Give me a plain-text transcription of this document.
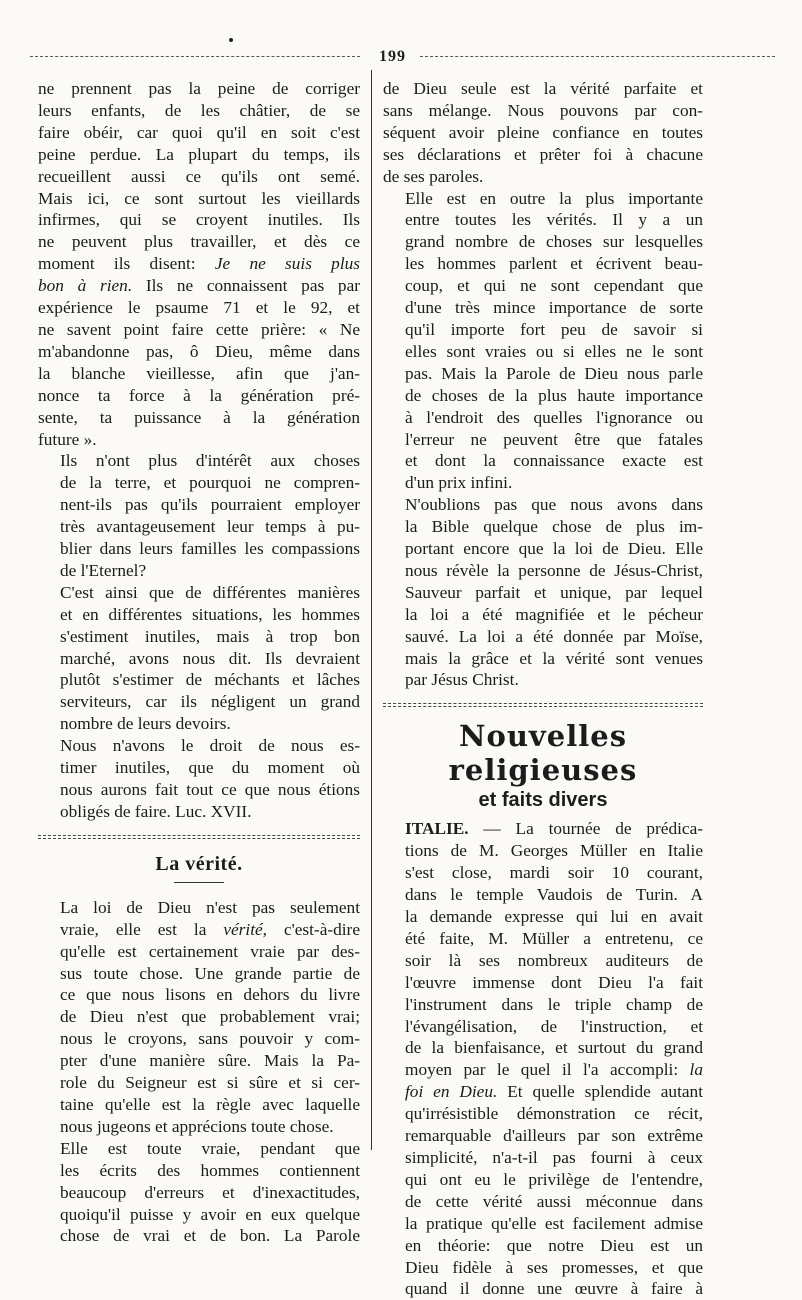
199

ne prennent pas la peine de corriger
leurs enfants, de les châtier, de se
faire obéir, car quoi qu'il en soit c'est
peine perdue. La plupart du temps, ils
recueillent aussi ce qu'ils ont semé.
Mais ici, ce sont surtout les vieillards
infirmes, qui se croyent inutiles. Ils
ne peuvent plus travailler, et dès ce
moment ils disent: Je ne suis plus
bon à rien. Ils ne connaissent pas par
expérience le psaume 71 et le 92, et
ne savent point faire cette prière: « Ne
m'abandonne pas, ô Dieu, même dans
la blanche vieillesse, afin que j'an-
nonce ta force à la génération pré-
sente, ta puissance à la génération
future ».

Ils n'ont plus d'intérêt aux choses
de la terre, et pourquoi ne compren-
nent-ils pas qu'ils pourraient employer
très avantageusement leur temps à pu-
blier dans leurs familles les compassions
de l'Eternel?

C'est ainsi que de différentes manières
et en différentes situations, les hommes
s'estiment inutiles, mais à trop bon
marché, avons nous dit. Ils devraient
plutôt s'estimer de méchants et lâches
serviteurs, car ils négligent un grand
nombre de leurs devoirs.

Nous n'avons le droit de nous es-
timer inutiles, que du moment où
nous aurons fait tout ce que nous étions
obligés de faire. Luc. XVII.

La vérité.

La loi de Dieu n'est pas seulement
vraie, elle est la vérité, c'est-à-dire
qu'elle est certainement vraie par des-
sus toute chose. Une grande partie de
ce que nous lisons en dehors du livre
de Dieu n'est que probablement vrai;
nous le croyons, sans pouvoir y com-
pter d'une manière sûre. Mais la Pa-
role du Seigneur est si sûre et si cer-
taine qu'elle est la règle avec laquelle
nous jugeons et apprécions toute chose.

Elle est toute vraie, pendant que
les écrits des hommes contiennent
beaucoup d'erreurs et d'inexactitudes,
quoiqu'il puisse y avoir en eux quelque
chose de vrai et de bon. La Parole

de Dieu seule est la vérité parfaite et
sans mélange. Nous pouvons par con-
séquent avoir pleine confiance en toutes
ses déclarations et prêter foi à chacune
de ses paroles.

Elle est en outre la plus importante
entre toutes les vérités. Il y a un
grand nombre de choses sur lesquelles
les hommes parlent et écrivent beau-
coup, et qui ne sont cependant que
d'une très mince importance de sorte
qu'il importe fort peu de savoir si
elles sont vraies ou si elles ne le sont
pas. Mais la Parole de Dieu nous parle
de choses de la plus haute importance
à l'endroit des quelles l'ignorance ou
l'erreur ne peuvent être que fatales
et dont la connaissance exacte est
d'un prix infini.

N'oublions pas que nous avons dans
la Bible quelque chose de plus im-
portant encore que la loi de Dieu. Elle
nous révèle la personne de Jésus-Christ,
Sauveur parfait et unique, par lequel
la loi a été magnifiée et le pécheur
sauvé. La loi a été donnée par Moïse,
mais la grâce et la vérité sont venues
par Jésus Christ.

Nouvelles religieuses
et faits divers

ITALIE. — La tournée de prédica-
tions de M. Georges Müller en Italie
s'est close, mardi soir 10 courant,
dans le temple Vaudois de Turin. A
la demande expresse qui lui en avait
été faite, M. Müller a entretenu, ce
soir là ses nombreux auditeurs de
l'œuvre immense dont Dieu l'a fait
l'instrument dans le triple champ de
l'évangélisation, de l'instruction, et
de la bienfaisance, et surtout du grand
moyen par le quel il l'a accompli: la
foi en Dieu. Et quelle splendide autant
qu'irrésistible démonstration ce récit,
remarquable d'ailleurs par son extrême
simplicité, n'a-t-il pas fourni à ceux
qui ont eu le privilège de l'entendre,
de cette vérité aussi méconnue dans
la pratique qu'elle est facilement admise
en théorie: que notre Dieu est un
Dieu fidèle à ses promesses, et que
quand il donne une œuvre à faire à
